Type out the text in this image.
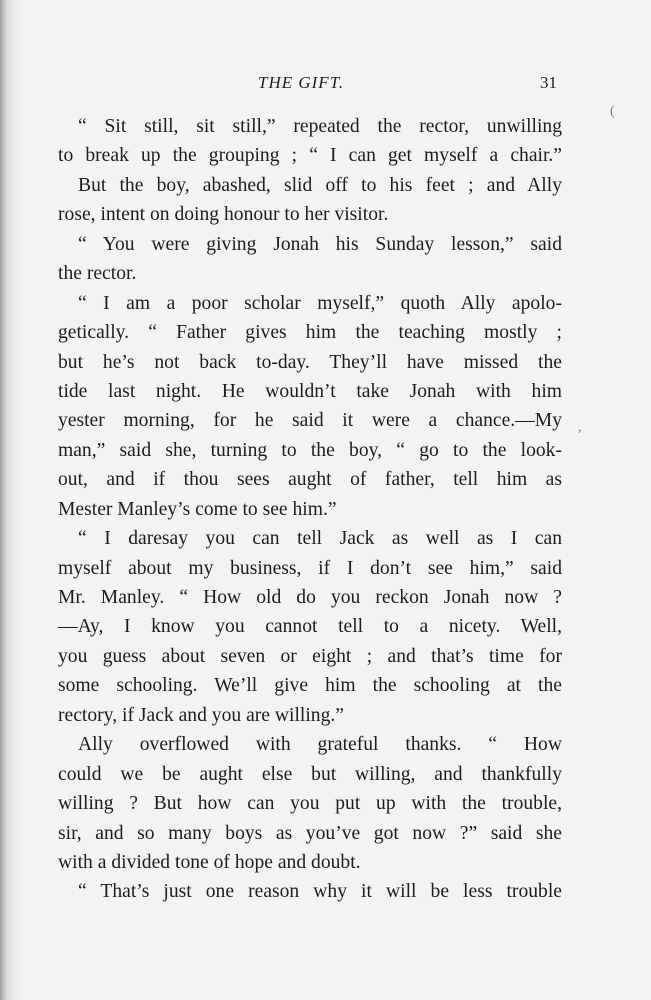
THE GIFT.	31
“ Sit still, sit still,” repeated the rector, unwilling
to break up the grouping ; “ I can get myself a chair.”
But the boy, abashed, slid off to his feet ; and Ally
rose, intent on doing honour to her visitor.
“ You were giving Jonah his Sunday lesson,” said
the rector.
“ I am a poor scholar myself,” quoth Ally apolo-
getically. “ Father gives him the teaching mostly ;
but he’s not back to-day. They’ll have missed the
tide last night. He wouldn’t take Jonah with him
yester morning, for he said it were a chance.—My
man,” said she, turning to the boy, “ go to the look-
out, and if thou sees aught of father, tell him as
Mester Manley’s come to see him.”
“ I daresay you can tell Jack as well as I can
myself about my business, if I don’t see him,” said
Mr. Manley. “ How old do you reckon Jonah now ?
—Ay, I know you cannot tell to a nicety. Well,
you guess about seven or eight ; and that’s time for
some schooling. We’ll give him the schooling at the
rectory, if Jack and you are willing.”
Ally overflowed with grateful thanks. “ How
could we be aught else but willing, and thankfully
willing ? But how can you put up with the trouble,
sir, and so many boys as you’ve got now ?” said she
with a divided tone of hope and doubt.
“ That’s just one reason why it will be less trouble
(
,
